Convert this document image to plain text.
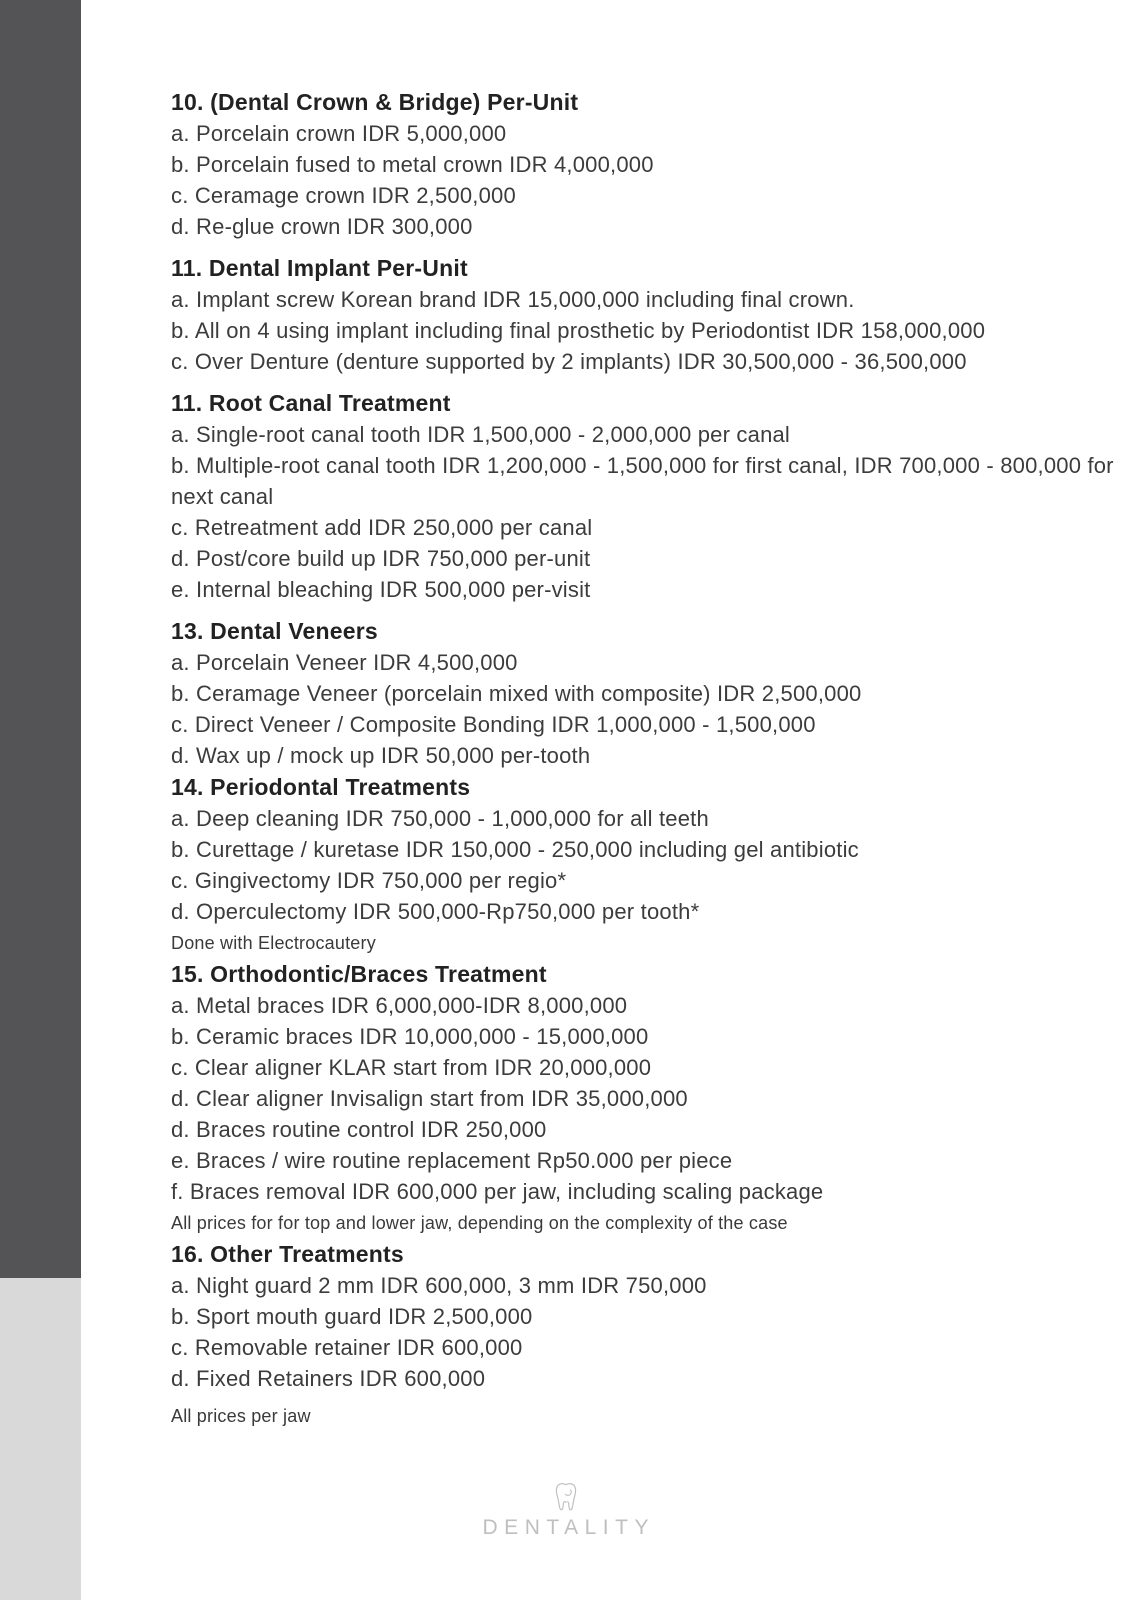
10. (Dental Crown & Bridge) Per-Unit

a. Porcelain crown IDR 5,000,000

b. Porcelain fused to metal crown IDR 4,000,000

c. Ceramage crown IDR 2,500,000

d. Re-glue crown IDR 300,000

11. Dental Implant Per-Unit

a. Implant screw Korean brand IDR 15,000,000 including final crown.

b. All on 4 using implant including final prosthetic by Periodontist IDR 158,000,000

c. Over Denture (denture supported by 2 implants) IDR 30,500,000 - 36,500,000

11. Root Canal Treatment

a. Single-root canal tooth IDR 1,500,000 - 2,000,000 per canal

b. Multiple-root canal tooth IDR 1,200,000 - 1,500,000 for first canal, IDR 700,000 - 800,000 for next canal

c. Retreatment add IDR 250,000 per canal

d. Post/core build up IDR 750,000 per-unit

e. Internal bleaching IDR 500,000 per-visit

13. Dental Veneers

a. Porcelain Veneer IDR 4,500,000

b. Ceramage Veneer (porcelain mixed with composite) IDR 2,500,000

c. Direct Veneer / Composite Bonding IDR 1,000,000 - 1,500,000

d. Wax up / mock up IDR 50,000 per-tooth

14. Periodontal Treatments

a. Deep cleaning IDR 750,000 - 1,000,000 for all teeth

b. Curettage / kuretase IDR 150,000 - 250,000 including gel antibiotic

c. Gingivectomy IDR 750,000 per regio*

d. Operculectomy IDR 500,000-Rp750,000 per tooth*

Done with Electrocautery

15. Orthodontic/Braces Treatment

a. Metal braces IDR 6,000,000-IDR 8,000,000

b. Ceramic braces IDR 10,000,000 - 15,000,000

c. Clear aligner KLAR start from IDR 20,000,000

d. Clear aligner Invisalign start from IDR 35,000,000

d. Braces routine control IDR 250,000

e. Braces / wire routine replacement Rp50.000 per piece

f. Braces removal IDR 600,000 per jaw, including scaling package

All prices for for top and lower jaw, depending on the complexity of the case

16. Other Treatments

a. Night guard 2 mm IDR 600,000, 3 mm IDR 750,000

b. Sport mouth guard IDR 2,500,000

c. Removable retainer IDR 600,000

d. Fixed Retainers IDR 600,000

All prices per jaw

DENTALITY
